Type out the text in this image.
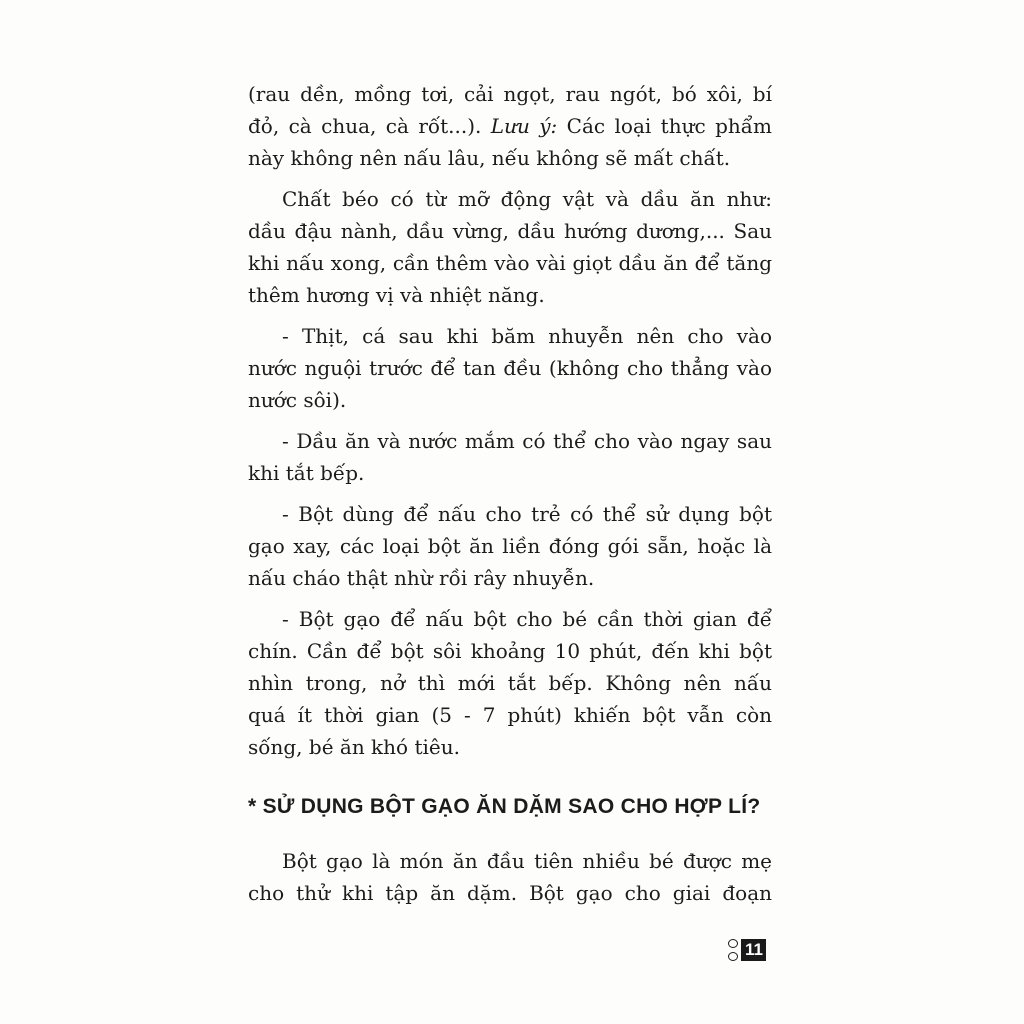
(rau dền, mồng tơi, cải ngọt, rau ngót, bó xôi, bí
đỏ, cà chua, cà rốt...). Lưu ý: Các loại thực phẩm
này không nên nấu lâu, nếu không sẽ mất chất.

Chất béo có từ mỡ động vật và dầu ăn như:
dầu đậu nành, dầu vừng, dầu hướng dương,... Sau
khi nấu xong, cần thêm vào vài giọt dầu ăn để tăng
thêm hương vị và nhiệt năng.

- Thịt, cá sau khi băm nhuyễn nên cho vào
nước nguội trước để tan đều (không cho thẳng vào
nước sôi).

- Dầu ăn và nước mắm có thể cho vào ngay sau
khi tắt bếp.

- Bột dùng để nấu cho trẻ có thể sử dụng bột
gạo xay, các loại bột ăn liền đóng gói sẵn, hoặc là
nấu cháo thật nhừ rồi rây nhuyễn.

- Bột gạo để nấu bột cho bé cần thời gian để
chín. Cần để bột sôi khoảng 10 phút, đến khi bột
nhìn trong, nở thì mới tắt bếp. Không nên nấu
quá ít thời gian (5 - 7 phút) khiến bột vẫn còn
sống, bé ăn khó tiêu.

* SỬ DỤNG BỘT GẠO ĂN DẶM SAO CHO HỢP LÍ?

Bột gạo là món ăn đầu tiên nhiều bé được mẹ
cho thử khi tập ăn dặm. Bột gạo cho giai đoạn

11
